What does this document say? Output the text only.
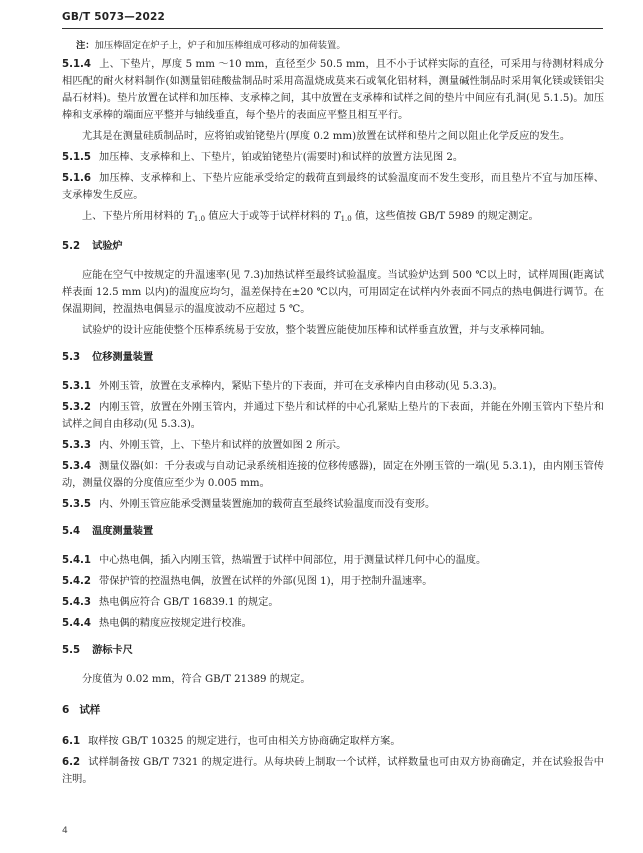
GB/T 5073—2022
注：加压棒固定在炉子上，炉子和加压棒组成可移动的加荷装置。

5.1.4 上、下垫片，厚度 5 mm ～10 mm，直径至少 50.5 mm，且不小于试样实际的直径，可采用与待测材料成分相匹配的耐火材料制作(如测量铝硅酸盐制品时采用高温烧成莫来石或氧化铝材料，测量碱性制品时采用氧化镁或镁铝尖晶石材料)。垫片放置在试样和加压棒、支承棒之间，其中放置在支承棒和试样之间的垫片中间应有孔洞(见 5.1.5)。加压棒和支承棒的端面应平整并与轴线垂直，每个垫片的表面应平整且相互平行。

尤其是在测量硅质制品时，应将铂或铂铑垫片(厚度 0.2 mm)放置在试样和垫片之间以阻止化学反应的发生。

5.1.5 加压棒、支承棒和上、下垫片，铂或铂铑垫片(需要时)和试样的放置方法见图 2。

5.1.6 加压棒、支承棒和上、下垫片应能承受给定的载荷直到最终的试验温度而不发生变形，而且垫片不宜与加压棒、支承棒发生反应。

上、下垫片所用材料的 $T_{1.0}$ 值应大于或等于试样材料的 $T_{1.0}$ 值，这些值按 GB/T 5989 的规定测定。

5.2 试验炉

应能在空气中按规定的升温速率(见 7.3)加热试样至最终试验温度。当试验炉达到 500 ℃以上时，试样周围(距离试样表面 12.5 mm 以内)的温度应均匀，温差保持在±20 ℃以内，可用固定在试样内外表面不同点的热电偶进行调节。在保温期间，控温热电偶显示的温度波动不应超过 5 ℃。

试验炉的设计应能使整个压棒系统易于安放，整个装置应能使加压棒和试样垂直放置，并与支承棒同轴。

5.3 位移测量装置

5.3.1 外刚玉管，放置在支承棒内，紧贴下垫片的下表面，并可在支承棒内自由移动(见 5.3.3)。

5.3.2 内刚玉管，放置在外刚玉管内，并通过下垫片和试样的中心孔紧贴上垫片的下表面，并能在外刚玉管内下垫片和试样之间自由移动(见 5.3.3)。

5.3.3 内、外刚玉管，上、下垫片和试样的放置如图 2 所示。

5.3.4 测量仪器(如：千分表或与自动记录系统相连接的位移传感器)，固定在外刚玉管的一端(见 5.3.1)，由内刚玉管传动，测量仪器的分度值应至少为 0.005 mm。

5.3.5 内、外刚玉管应能承受测量装置施加的载荷直至最终试验温度而没有变形。

5.4 温度测量装置

5.4.1 中心热电偶，插入内刚玉管，热端置于试样中间部位，用于测量试样几何中心的温度。

5.4.2 带保护管的控温热电偶，放置在试样的外部(见图 1)，用于控制升温速率。

5.4.3 热电偶应符合 GB/T 16839.1 的规定。

5.4.4 热电偶的精度应按规定进行校准。

5.5 游标卡尺

分度值为 0.02 mm，符合 GB/T 21389 的规定。

6 试样

6.1 取样按 GB/T 10325 的规定进行，也可由相关方协商确定取样方案。

6.2 试样制备按 GB/T 7321 的规定进行。从每块砖上制取一个试样，试样数量也可由双方协商确定，并在试验报告中注明。

4
